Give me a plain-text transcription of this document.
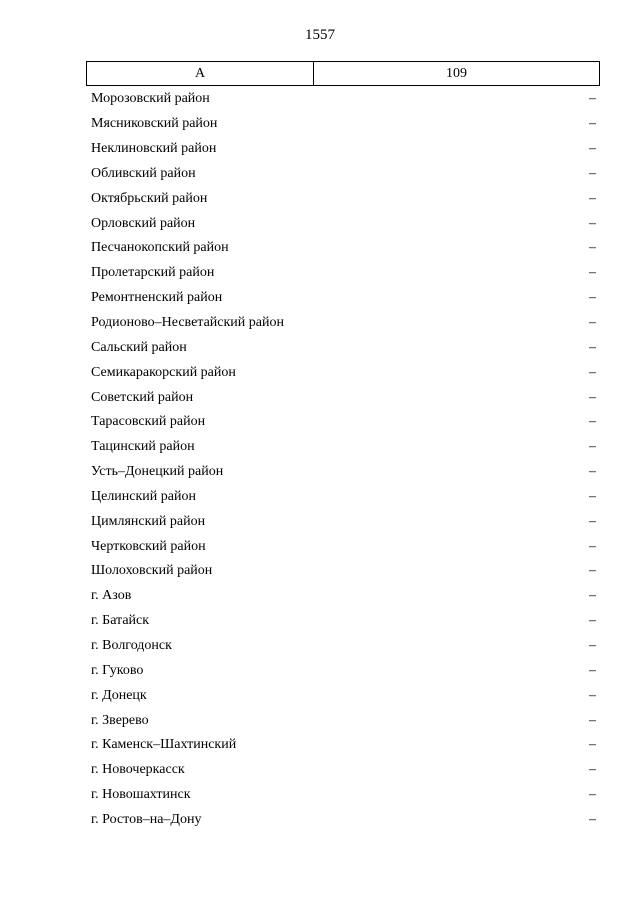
1557
А	109
Морозовский район	–
Мясниковский район	–
Неклиновский район	–
Обливский район	–
Октябрьский район	–
Орловский район	–
Песчанокопский район	–
Пролетарский район	–
Ремонтненский район	–
Родионово–Несветайский район	–
Сальский район	–
Семикаракорский район	–
Советский район	–
Тарасовский район	–
Тацинский район	–
Усть–Донецкий район	–
Целинский район	–
Цимлянский район	–
Чертковский район	–
Шолоховский район	–
г. Азов	–
г. Батайск	–
г. Волгодонск	–
г. Гуково	–
г. Донецк	–
г. Зверево	–
г. Каменск–Шахтинский	–
г. Новочеркасск	–
г. Новошахтинск	–
г. Ростов–на–Дону	–
